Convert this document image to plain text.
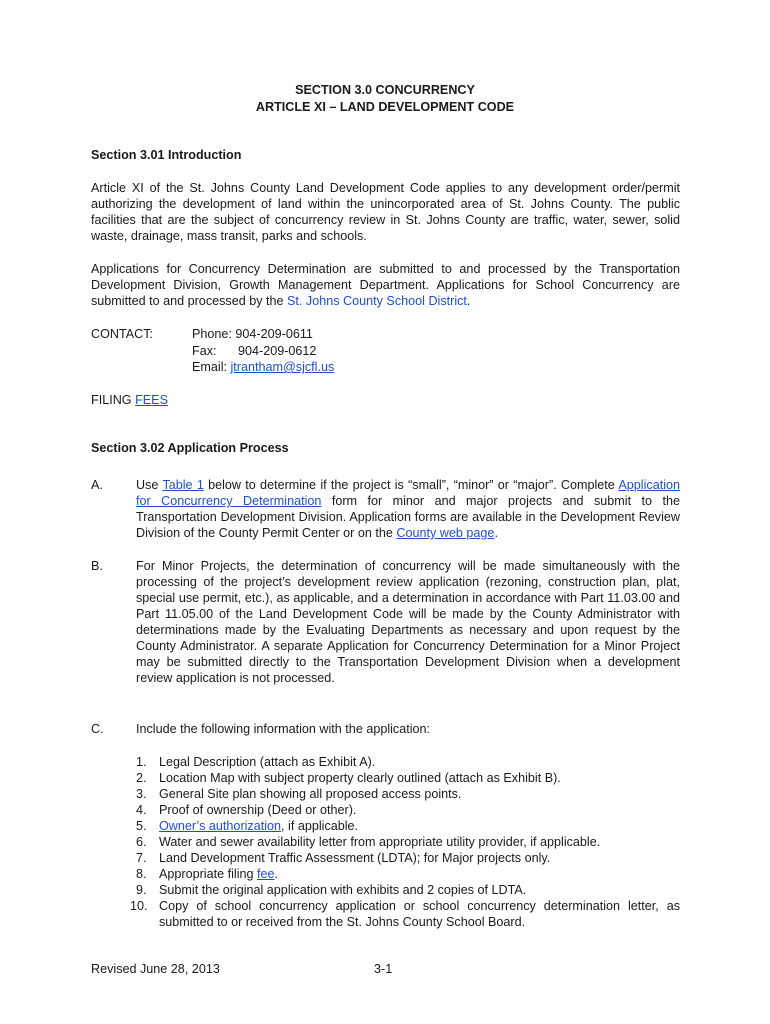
SECTION 3.0 CONCURRENCY
ARTICLE XI – LAND DEVELOPMENT CODE
Section 3.01 Introduction
Article XI of the St. Johns County Land Development Code applies to any development order/permit authorizing the development of land within the unincorporated area of St. Johns County. The public facilities that are the subject of concurrency review in St. Johns County are traffic, water, sewer, solid waste, drainage, mass transit, parks and schools.
Applications for Concurrency Determination are submitted to and processed by the Transportation Development Division, Growth Management Department. Applications for School Concurrency are submitted to and processed by the St. Johns County School District.
CONTACT:	Phone: 904-209-0611
Fax: 904-209-0612
Email: jtrantham@sjcfl.us
FILING FEES
Section 3.02 Application Process
A.	Use Table 1 below to determine if the project is “small”, “minor” or “major”. Complete Application for Concurrency Determination form for minor and major projects and submit to the Transportation Development Division. Application forms are available in the Development Review Division of the County Permit Center or on the County web page.
B.	For Minor Projects, the determination of concurrency will be made simultaneously with the processing of the project’s development review application (rezoning, construction plan, plat, special use permit, etc.), as applicable, and a determination in accordance with Part 11.03.00 and Part 11.05.00 of the Land Development Code will be made by the County Administrator with determinations made by the Evaluating Departments as necessary and upon request by the County Administrator. A separate Application for Concurrency Determination for a Minor Project may be submitted directly to the Transportation Development Division when a development review application is not processed.
C.	Include the following information with the application:
1. Legal Description (attach as Exhibit A).
2. Location Map with subject property clearly outlined (attach as Exhibit B).
3. General Site plan showing all proposed access points.
4. Proof of ownership (Deed or other).
5. Owner’s authorization, if applicable.
6. Water and sewer availability letter from appropriate utility provider, if applicable.
7. Land Development Traffic Assessment (LDTA); for Major projects only.
8. Appropriate filing fee.
9. Submit the original application with exhibits and 2 copies of LDTA.
10. Copy of school concurrency application or school concurrency determination letter, as submitted to or received from the St. Johns County School Board.
Revised June 28, 2013	3-1
